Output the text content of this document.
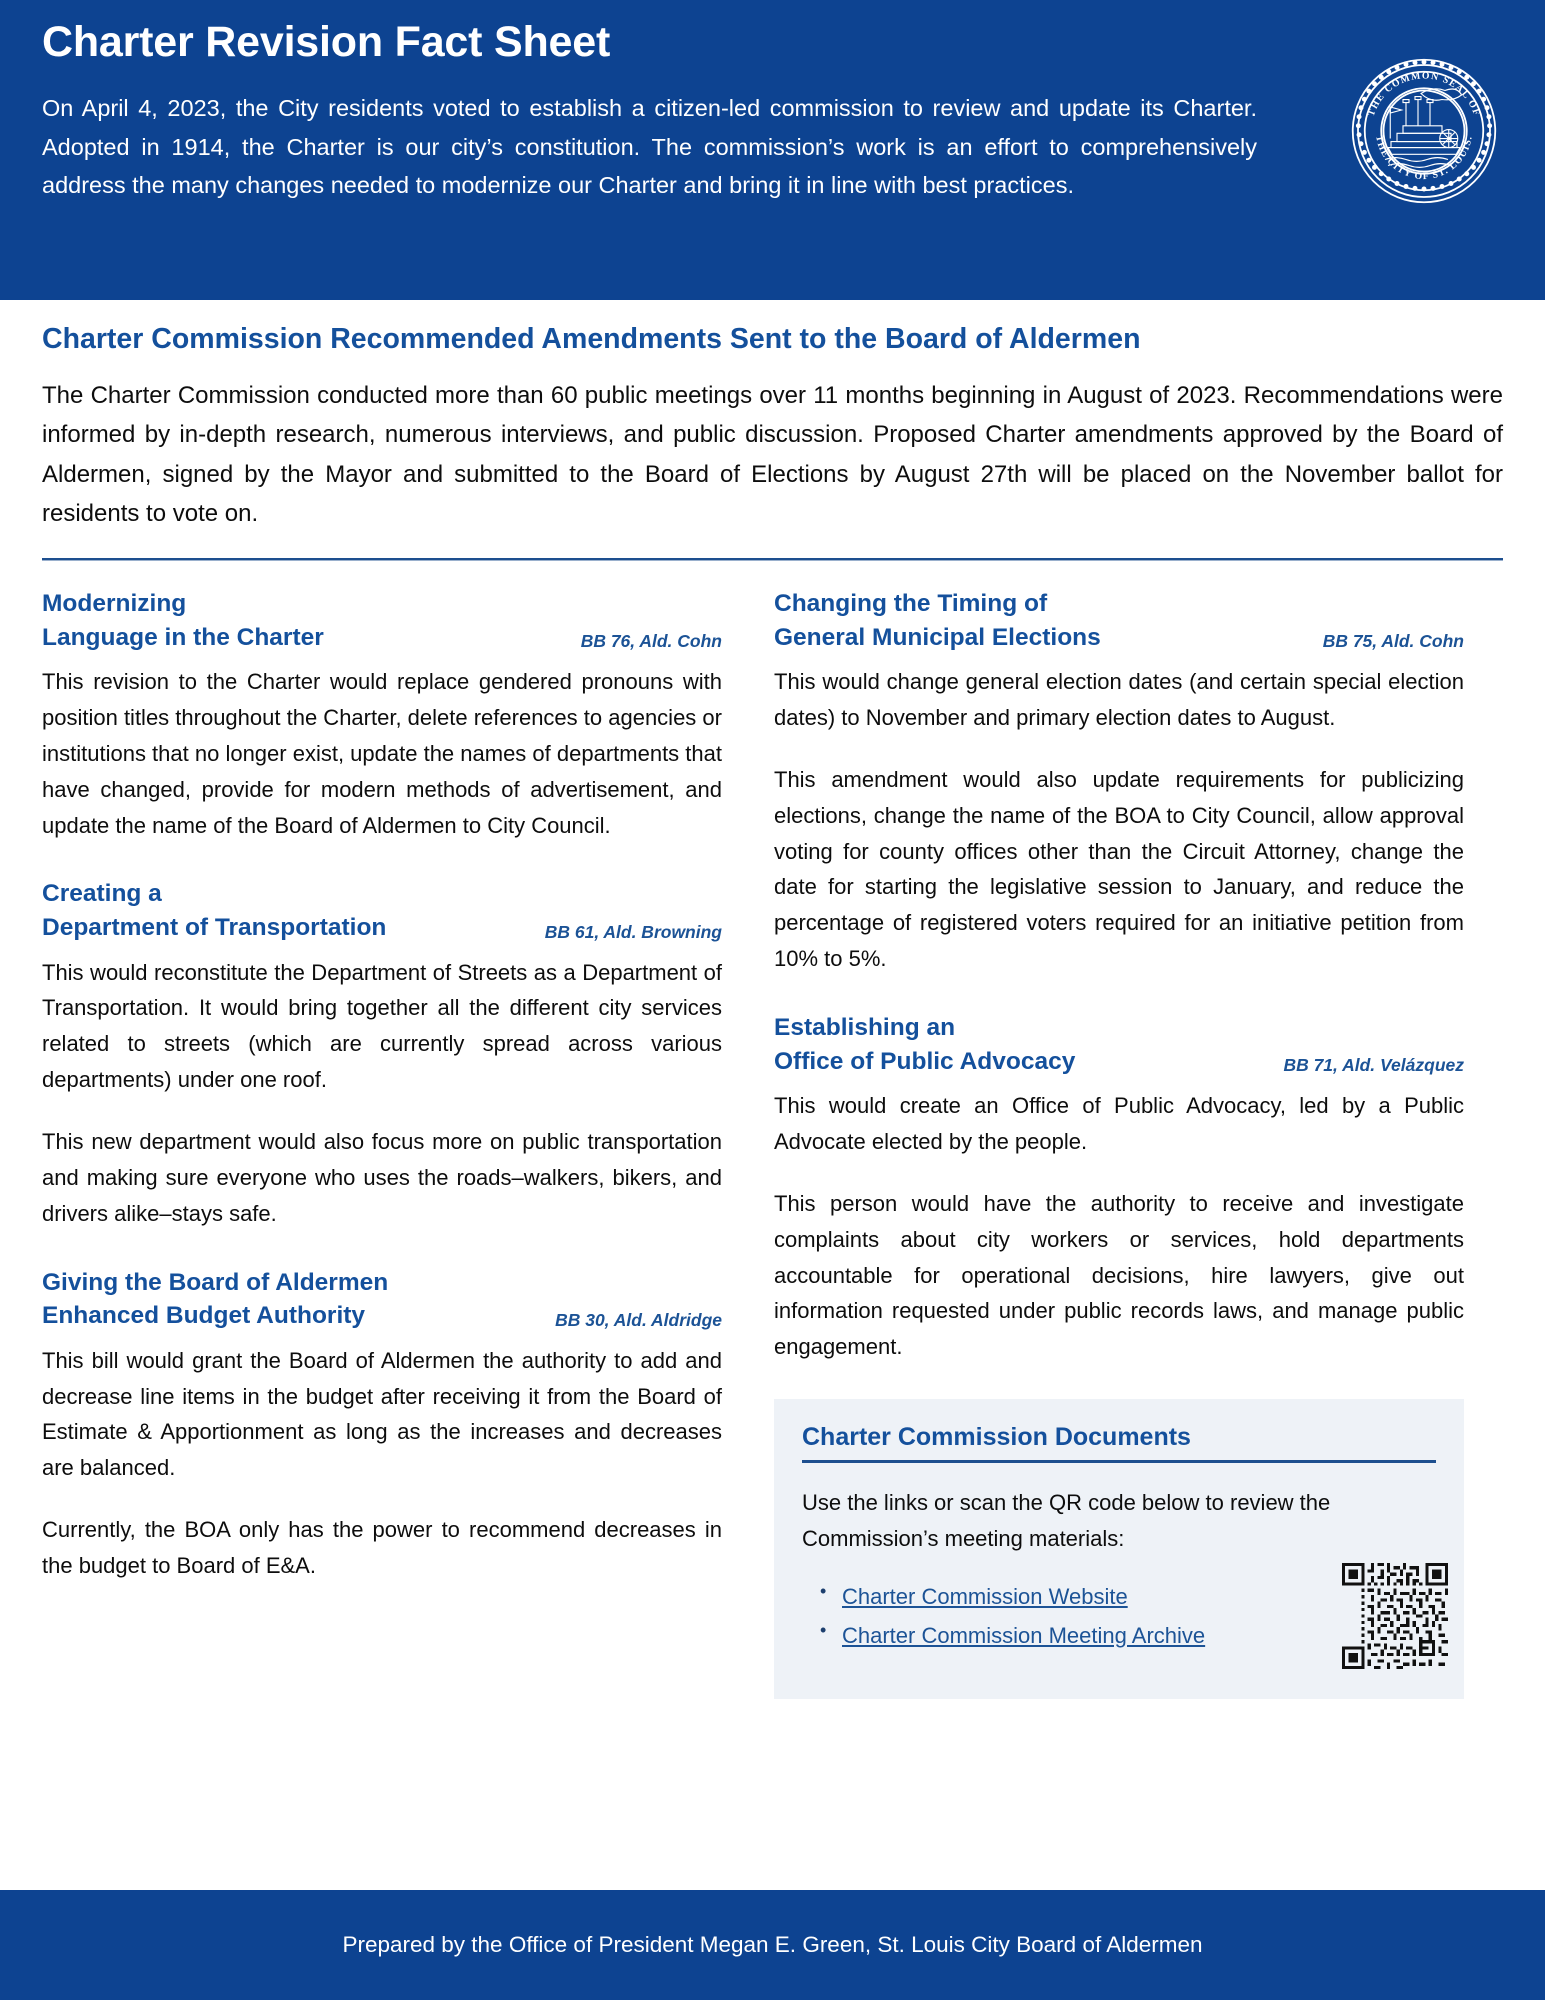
Charter Revision Fact Sheet
On April 4, 2023, the City residents voted to establish a citizen-led commission to review and update its Charter. Adopted in 1914, the Charter is our city’s constitution. The commission’s work is an effort to comprehensively address the many changes needed to modernize our Charter and bring it in line with best practices.
THE COMMON SEAL OF
THE CITY OF ST. LOUIS.
Charter Commission Recommended Amendments Sent to the Board of Aldermen

The Charter Commission conducted more than 60 public meetings over 11 months beginning in August of 2023. Recommendations were informed by in-depth research, numerous interviews, and public discussion. Proposed Charter amendments approved by the Board of Aldermen, signed by the Mayor and submitted to the Board of Elections by August 27th will be placed on the November ballot for residents to vote on.

Modernizing
Language in the Charter	BB 76, Ald. Cohn

This revision to the Charter would replace gendered pronouns with position titles throughout the Charter, delete references to agencies or institutions that no longer exist, update the names of departments that have changed, provide for modern methods of advertisement, and update the name of the Board of Aldermen to City Council.

Creating a
Department of Transportation	BB 61, Ald. Browning

This would reconstitute the Department of Streets as a Department of Transportation. It would bring together all the different city services related to streets (which are currently spread across various departments) under one roof.

This new department would also focus more on public transportation and making sure everyone who uses the roads–walkers, bikers, and drivers alike–stays safe.

Giving the Board of Aldermen
Enhanced Budget Authority	BB 30, Ald. Aldridge

This bill would grant the Board of Aldermen the authority to add and decrease line items in the budget after receiving it from the Board of Estimate & Apportionment as long as the increases and decreases are balanced.

Currently, the BOA only has the power to recommend decreases in the budget to Board of E&A.

Changing the Timing of
General Municipal Elections	BB 75, Ald. Cohn

This would change general election dates (and certain special election dates) to November and primary election dates to August.

This amendment would also update requirements for publicizing elections, change the name of the BOA to City Council, allow approval voting for county offices other than the Circuit Attorney, change the date for starting the legislative session to January, and reduce the percentage of registered voters required for an initiative petition from 10% to 5%.

Establishing an
Office of Public Advocacy	BB 71, Ald. Velázquez

This would create an Office of Public Advocacy, led by a Public Advocate elected by the people.

This person would have the authority to receive and investigate complaints about city workers or services, hold departments accountable for operational decisions, hire lawyers, give out information requested under public records laws, and manage public engagement.

Charter Commission Documents

Use the links or scan the QR code below to review the Commission’s meeting materials:

• Charter Commission Website
• Charter Commission Meeting Archive
Prepared by the Office of President Megan E. Green, St. Louis City Board of Aldermen
